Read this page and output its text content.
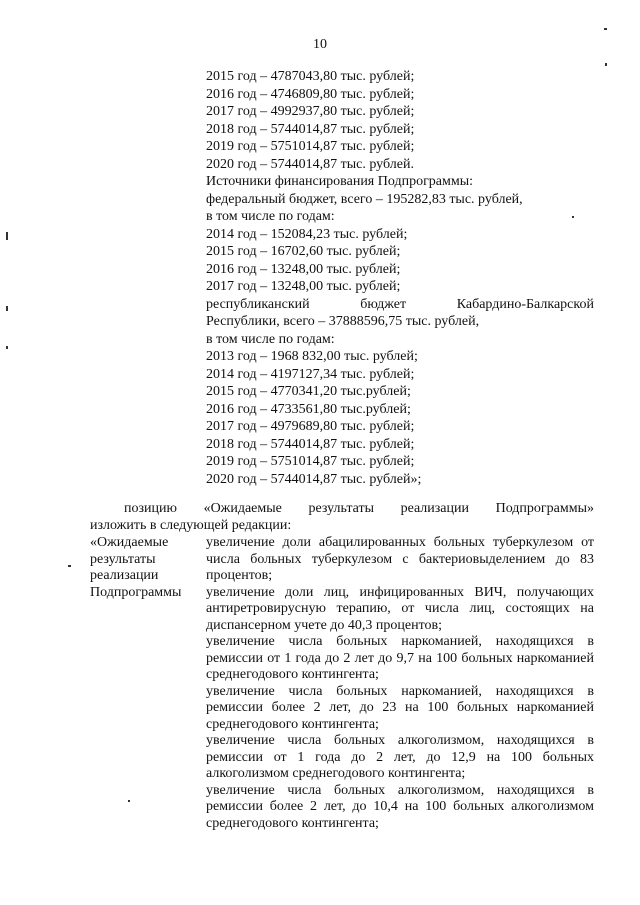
10
2015 год – 4787043,80 тыс. рублей;
2016 год – 4746809,80 тыс. рублей;
2017 год – 4992937,80 тыс. рублей;
2018 год – 5744014,87 тыс. рублей;
2019 год – 5751014,87 тыс. рублей;
2020 год – 5744014,87 тыс. рублей.
Источники финансирования Подпрограммы:
федеральный бюджет, всего – 195282,83 тыс. рублей,
в том числе по годам:
2014 год – 152084,23 тыс. рублей;
2015 год – 16702,60 тыс. рублей;
2016 год – 13248,00 тыс. рублей;
2017 год – 13248,00 тыс. рублей;
республиканский	бюджет	Кабардино-Балкарской
Республики, всего – 37888596,75 тыс. рублей,
в том числе по годам:
2013 год – 1968 832,00 тыс. рублей;
2014 год – 4197127,34 тыс. рублей;
2015 год – 4770341,20 тыс.рублей;
2016 год – 4733561,80 тыс.рублей;
2017 год – 4979689,80 тыс. рублей;
2018 год – 5744014,87 тыс. рублей;
2019 год – 5751014,87 тыс. рублей;
2020 год – 5744014,87 тыс. рублей»;
позицию «Ожидаемые результаты реализации Подпрограммы»
изложить в следующей редакции:
«Ожидаемые
результаты
реализации
Подпрограммы

увеличение доли абацилированных больных туберкулезом от числа больных туберкулезом с бактериовыделением до 83 процентов;

увеличение доли лиц, инфицированных ВИЧ, получающих антиретровирусную терапию, от числа лиц, состоящих на диспансерном учете до 40,3 процентов;

увеличение числа больных наркоманией, находящихся в ремиссии от 1 года до 2 лет до 9,7 на 100 больных наркоманией среднегодового контингента;

увеличение числа больных наркоманией, находящихся в ремиссии более 2 лет, до 23 на 100 больных наркоманией среднегодового контингента;

увеличение числа больных алкоголизмом, находящихся в ремиссии от 1 года до 2 лет, до 12,9 на 100 больных алкоголизмом среднегодового контингента;

увеличение числа больных алкоголизмом, находящихся в ремиссии более 2 лет, до 10,4 на 100 больных алкоголизмом среднегодового контингента;
